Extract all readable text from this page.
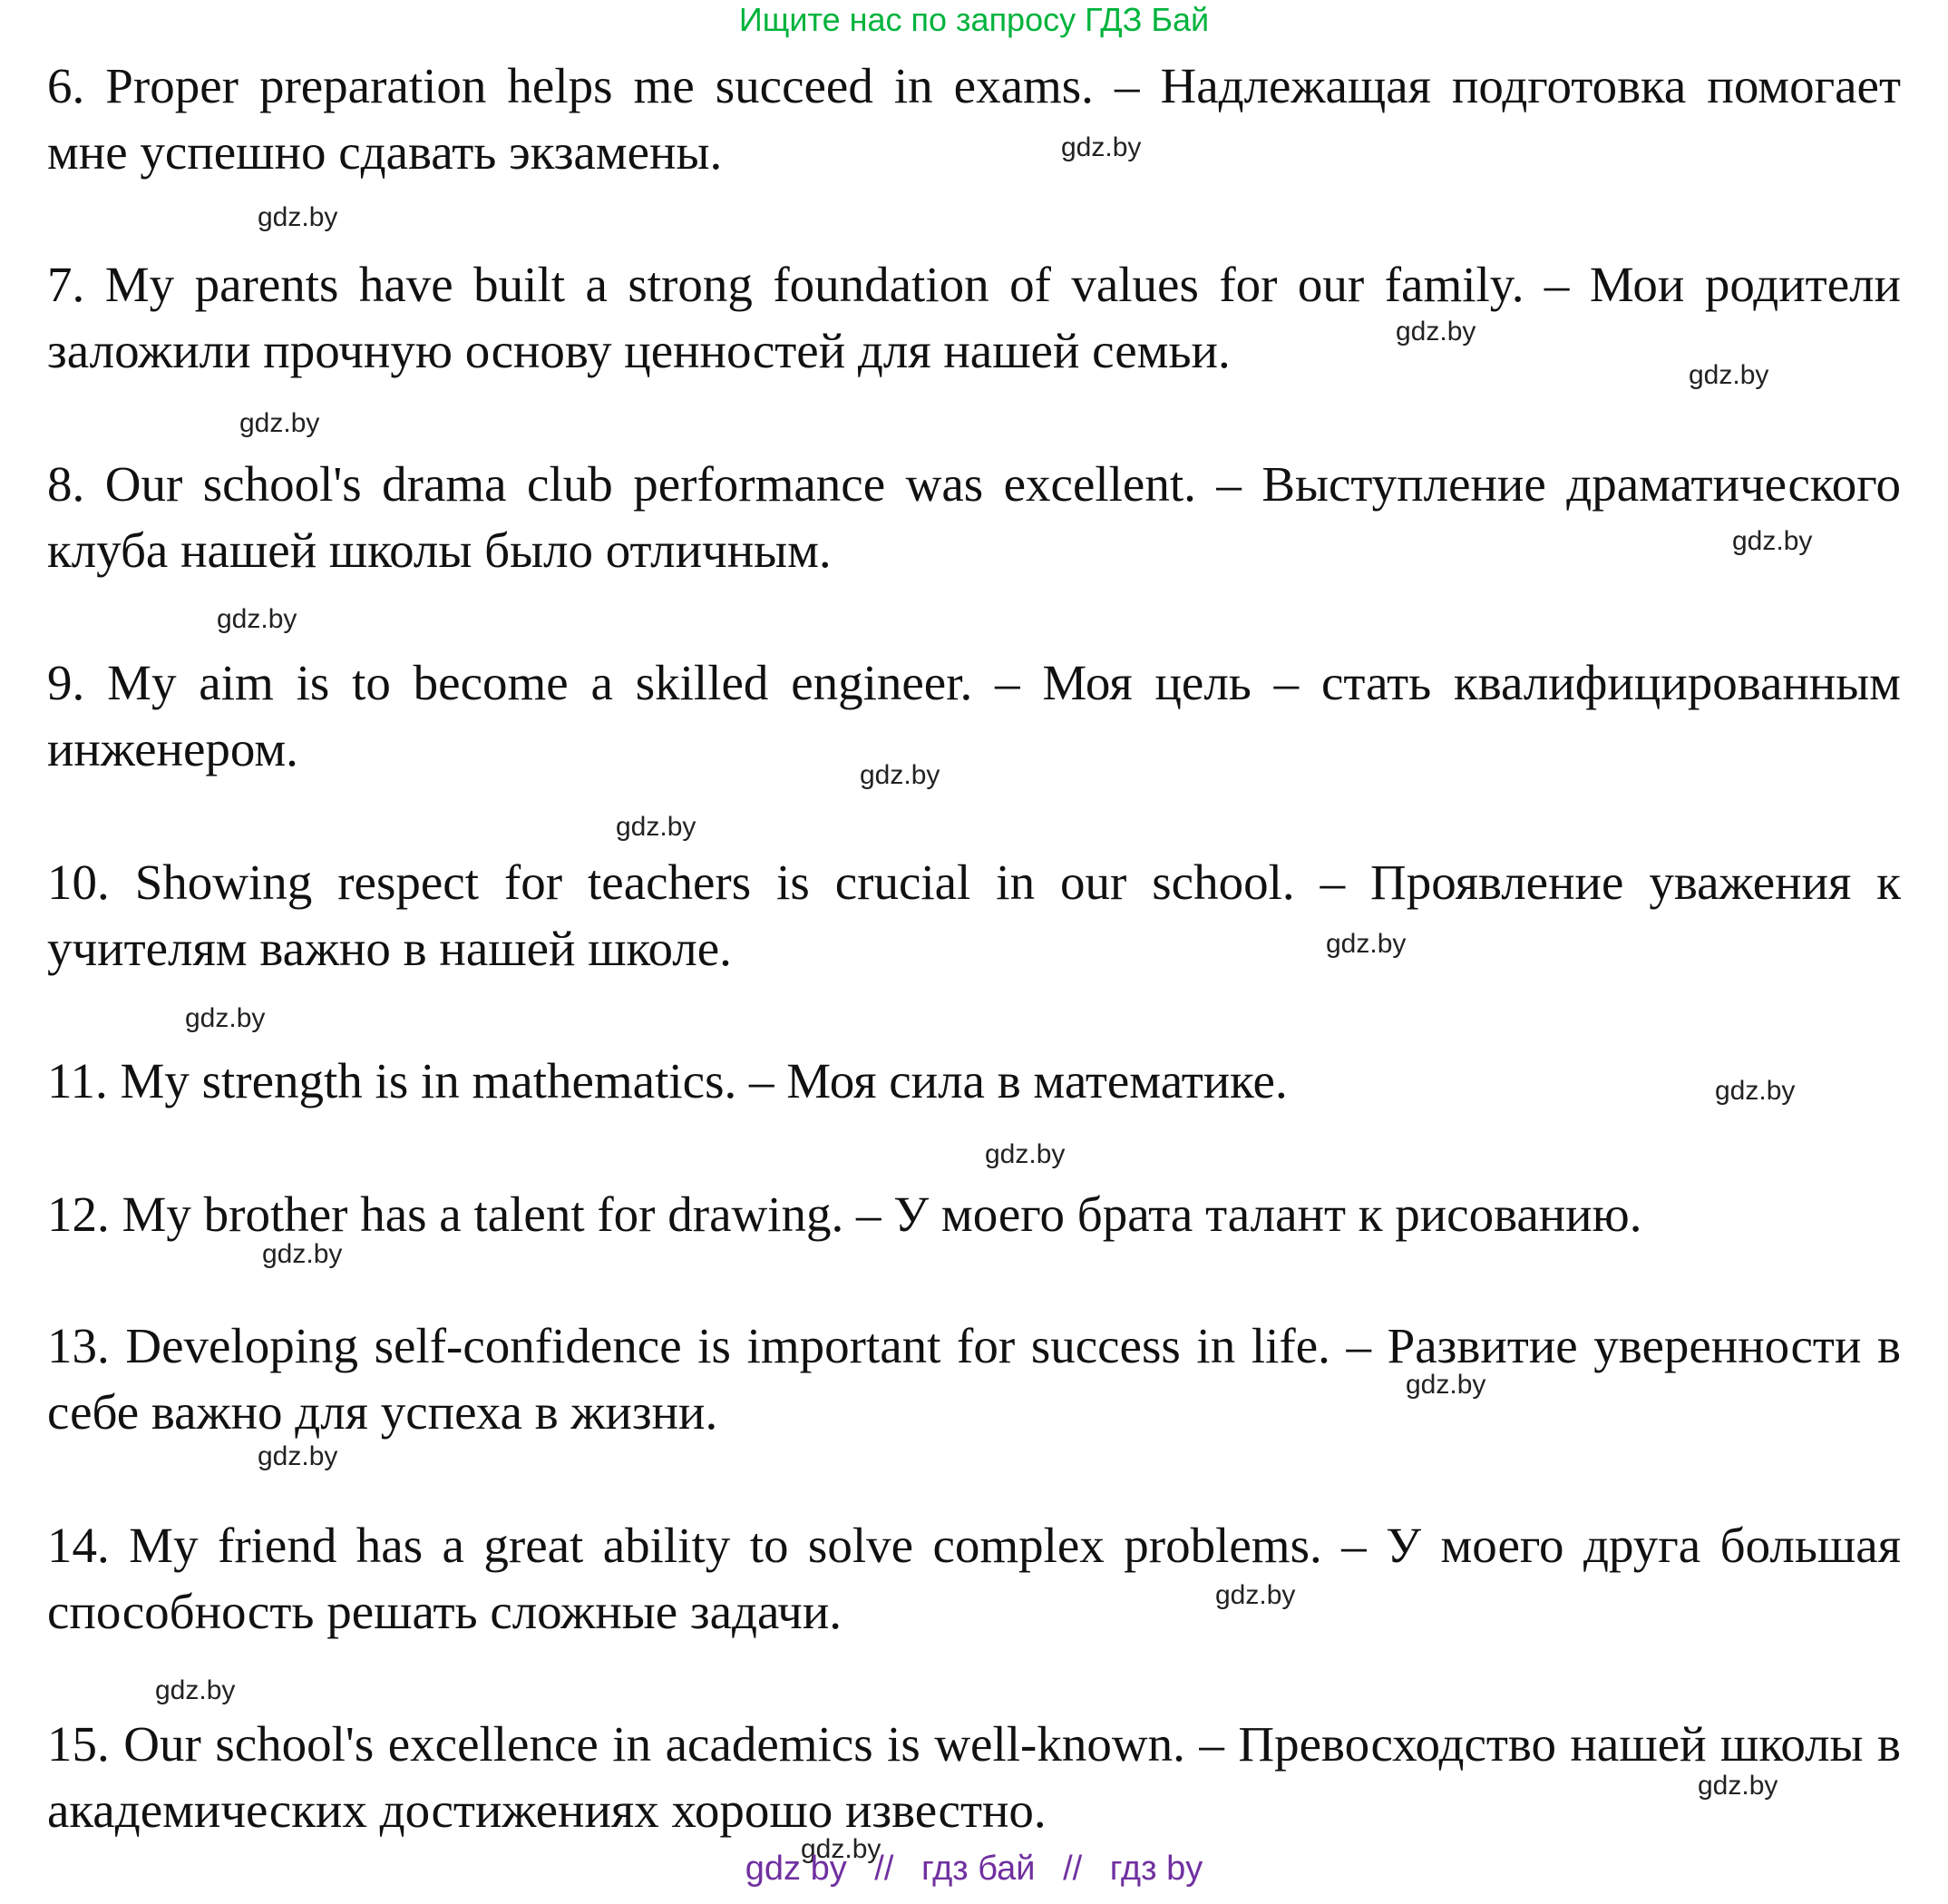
Ищите нас по запросу ГДЗ Бай
6. Proper preparation helps me succeed in exams. – Надлежащая подготовка помогает мне успешно сдавать экзамены.
7. My parents have built a strong foundation of values for our family. – Мои родители заложили прочную основу ценностей для нашей семьи.
8. Our school's drama club performance was excellent. – Выступление драматического клуба нашей школы было отличным.
9. My aim is to become a skilled engineer. – Моя цель – стать квалифицированным инженером.
10. Showing respect for teachers is crucial in our school. – Проявление уважения к учителям важно в нашей школе.
11. My strength is in mathematics. – Моя сила в математике.
12. My brother has a talent for drawing. – У моего брата талант к рисованию.
13. Developing self-confidence is important for success in life. – Развитие уверенности в себе важно для успеха в жизни.
14. My friend has a great ability to solve complex problems. – У моего друга большая способность решать сложные задачи.
15. Our school's excellence in academics is well-known. – Превосходство нашей школы в академических достижениях хорошо известно.
gdz.by
gdz.by
gdz.by
gdz.by
gdz.by
gdz.by
gdz.by
gdz.by
gdz.by
gdz.by
gdz.by
gdz.by
gdz.by
gdz.by
gdz.by
gdz.by
gdz.by
gdz.by
gdz.by
gdz.by
gdz by // гдз бай // гдз by
